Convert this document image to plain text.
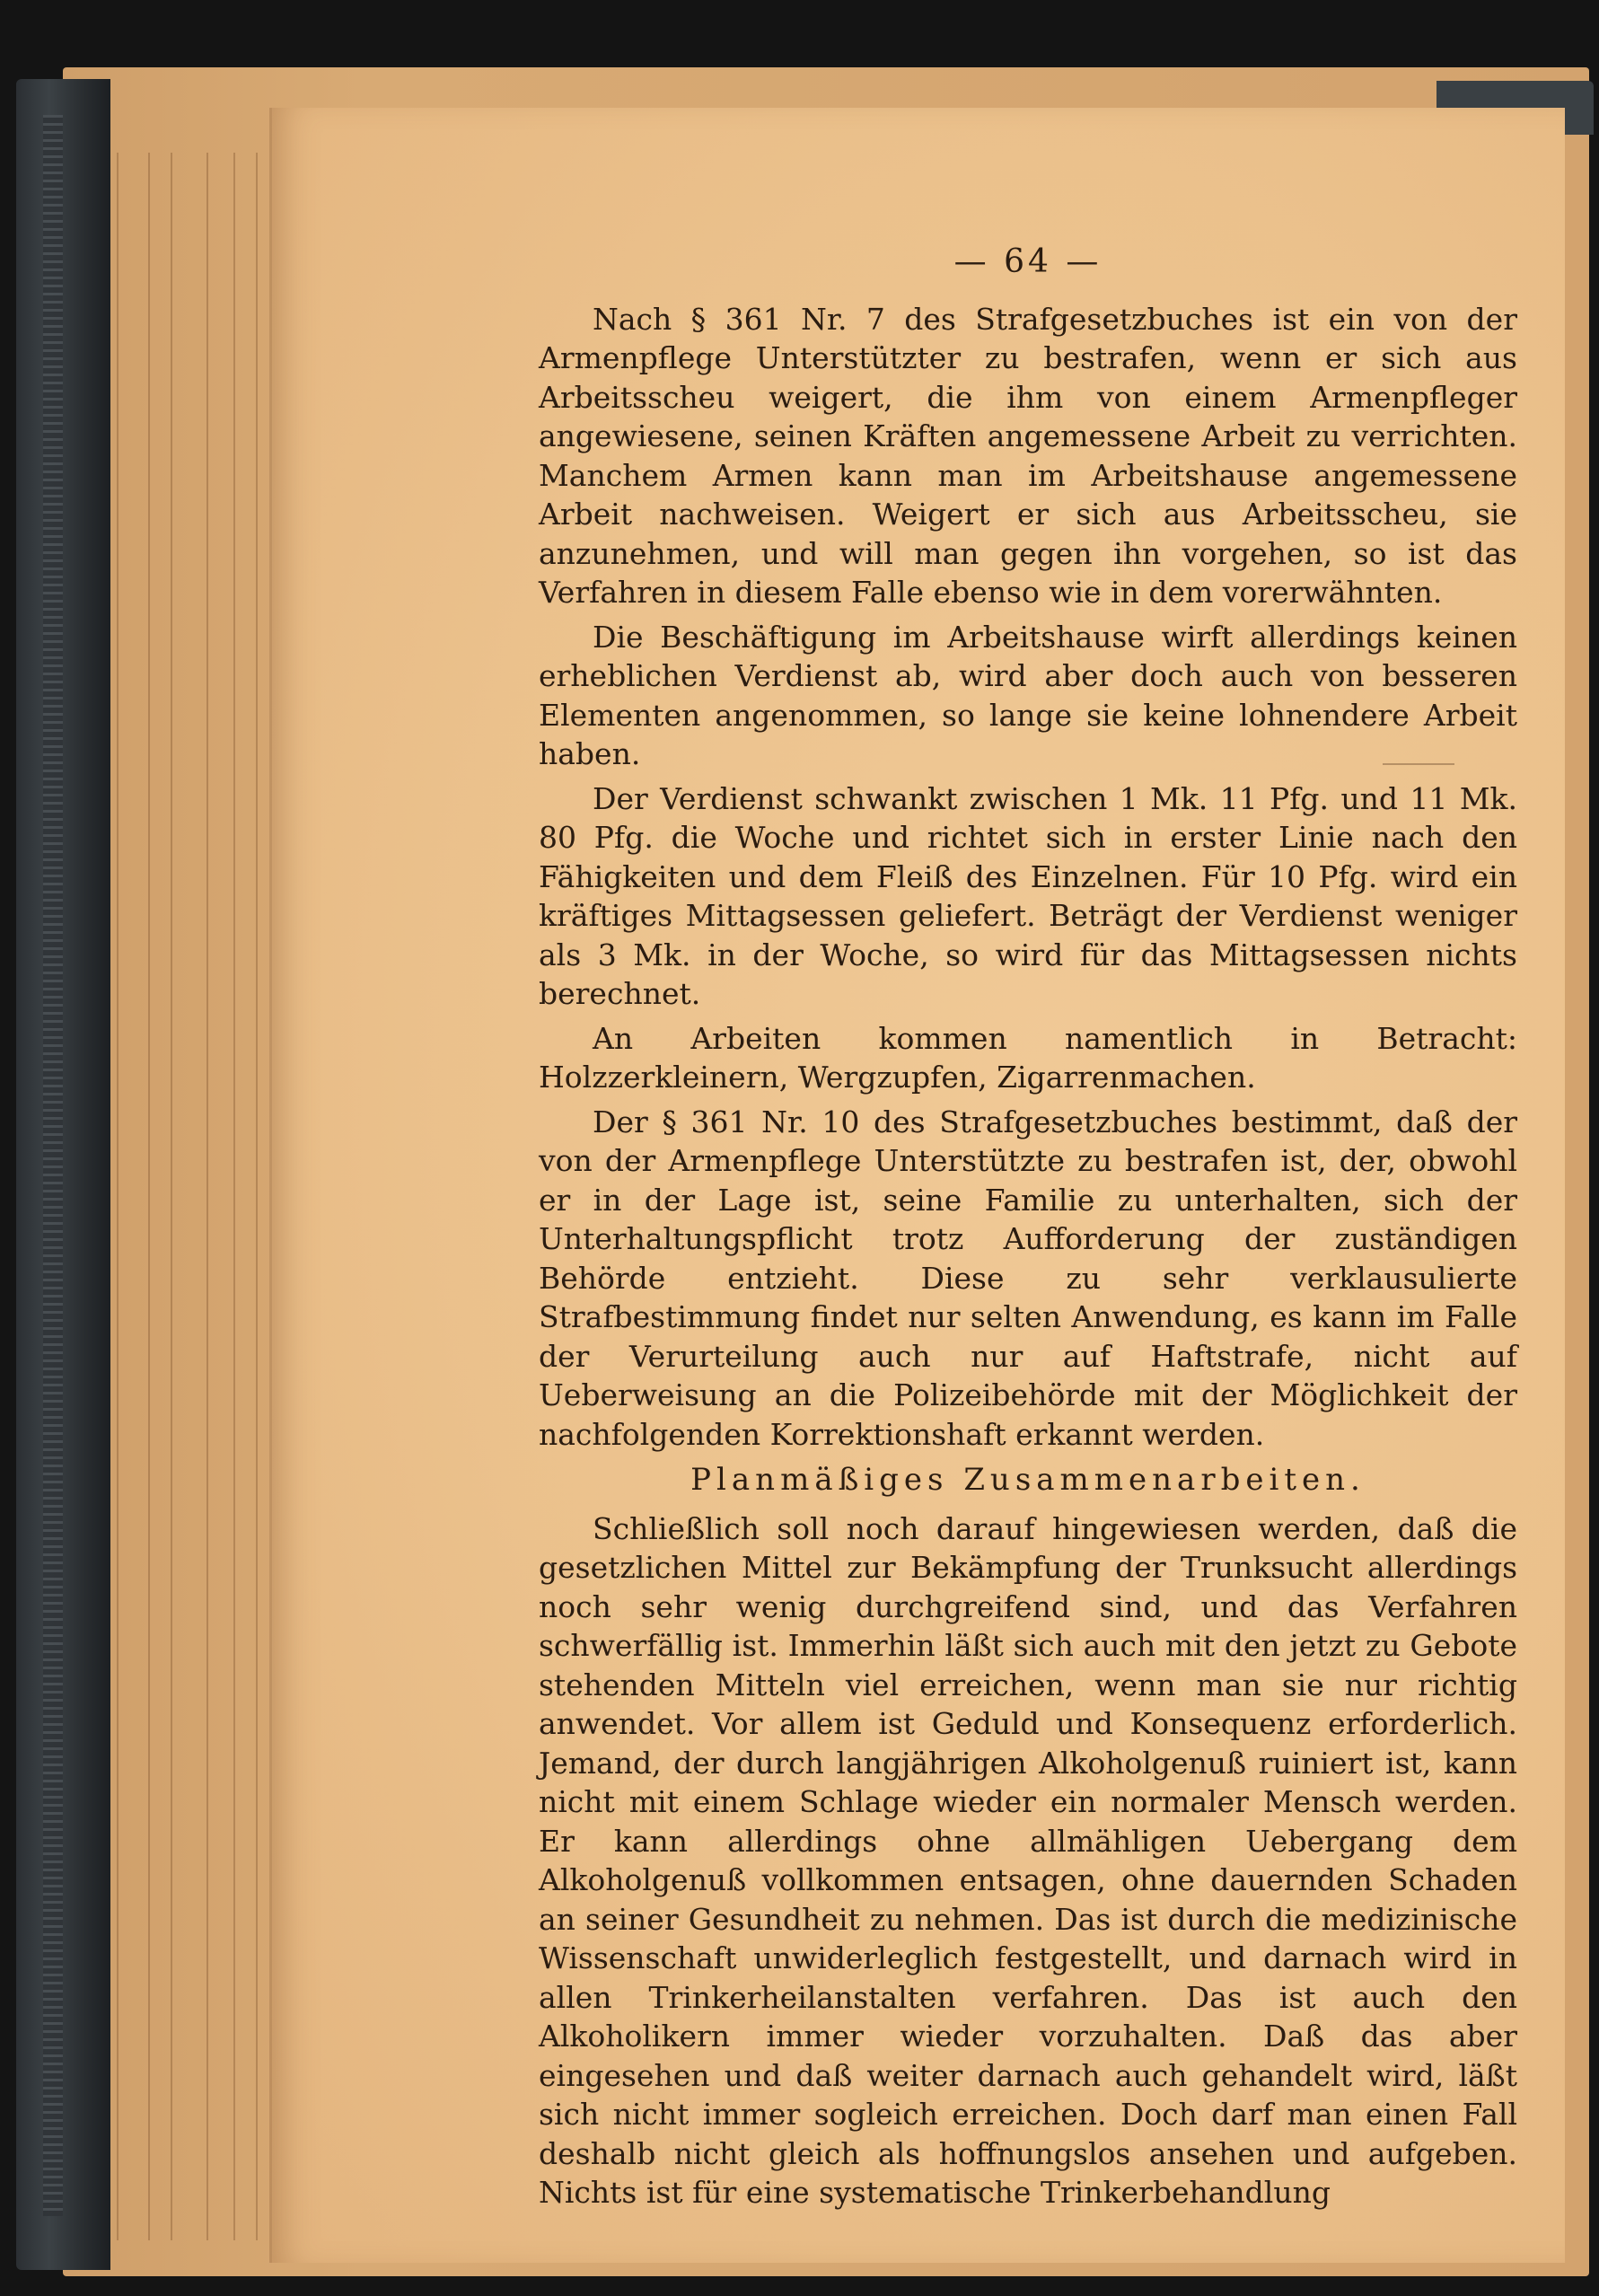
— 64 —

Nach § 361 Nr. 7 des Strafgesetzbuches ist ein von der Armenpflege Unterstützter zu bestrafen, wenn er sich aus Arbeitsscheu weigert, die ihm von einem Armenpfleger angewiesene, seinen Kräften angemessene Arbeit zu verrichten. Manchem Armen kann man im Arbeitshause angemessene Arbeit nachweisen. Weigert er sich aus Arbeitsscheu, sie anzunehmen, und will man gegen ihn vorgehen, so ist das Verfahren in diesem Falle ebenso wie in dem vorerwähnten.

Die Beschäftigung im Arbeitshause wirft allerdings keinen erheblichen Verdienst ab, wird aber doch auch von besseren Elementen angenommen, so lange sie keine lohnendere Arbeit haben.

Der Verdienst schwankt zwischen 1 Mk. 11 Pfg. und 11 Mk. 80 Pfg. die Woche und richtet sich in erster Linie nach den Fähigkeiten und dem Fleiß des Einzelnen. Für 10 Pfg. wird ein kräftiges Mittagsessen geliefert. Beträgt der Verdienst weniger als 3 Mk. in der Woche, so wird für das Mittagsessen nichts berechnet.

An Arbeiten kommen namentlich in Betracht: Holzzerkleinern, Wergzupfen, Zigarrenmachen.

Der § 361 Nr. 10 des Strafgesetzbuches bestimmt, daß der von der Armenpflege Unterstützte zu bestrafen ist, der, obwohl er in der Lage ist, seine Familie zu unterhalten, sich der Unterhaltungspflicht trotz Aufforderung der zuständigen Behörde entzieht. Diese zu sehr verklausulierte Strafbestimmung findet nur selten Anwendung, es kann im Falle der Verurteilung auch nur auf Haftstrafe, nicht auf Ueberweisung an die Polizeibehörde mit der Möglichkeit der nachfolgenden Korrektionshaft erkannt werden.

Planmäßiges Zusammenarbeiten.

Schließlich soll noch darauf hingewiesen werden, daß die gesetzlichen Mittel zur Bekämpfung der Trunksucht allerdings noch sehr wenig durchgreifend sind, und das Verfahren schwerfällig ist. Immerhin läßt sich auch mit den jetzt zu Gebote stehenden Mitteln viel erreichen, wenn man sie nur richtig anwendet. Vor allem ist Geduld und Konsequenz erforderlich. Jemand, der durch langjährigen Alkoholgenuß ruiniert ist, kann nicht mit einem Schlage wieder ein normaler Mensch werden. Er kann allerdings ohne allmähligen Uebergang dem Alkoholgenuß vollkommen entsagen, ohne dauernden Schaden an seiner Gesundheit zu nehmen. Das ist durch die medizinische Wissenschaft unwiderleglich festgestellt, und darnach wird in allen Trinkerheilanstalten verfahren. Das ist auch den Alkoholikern immer wieder vorzuhalten. Daß das aber eingesehen und daß weiter darnach auch gehandelt wird, läßt sich nicht immer sogleich erreichen. Doch darf man einen Fall deshalb nicht gleich als hoffnungslos ansehen und aufgeben. Nichts ist für eine systematische Trinkerbehandlung
